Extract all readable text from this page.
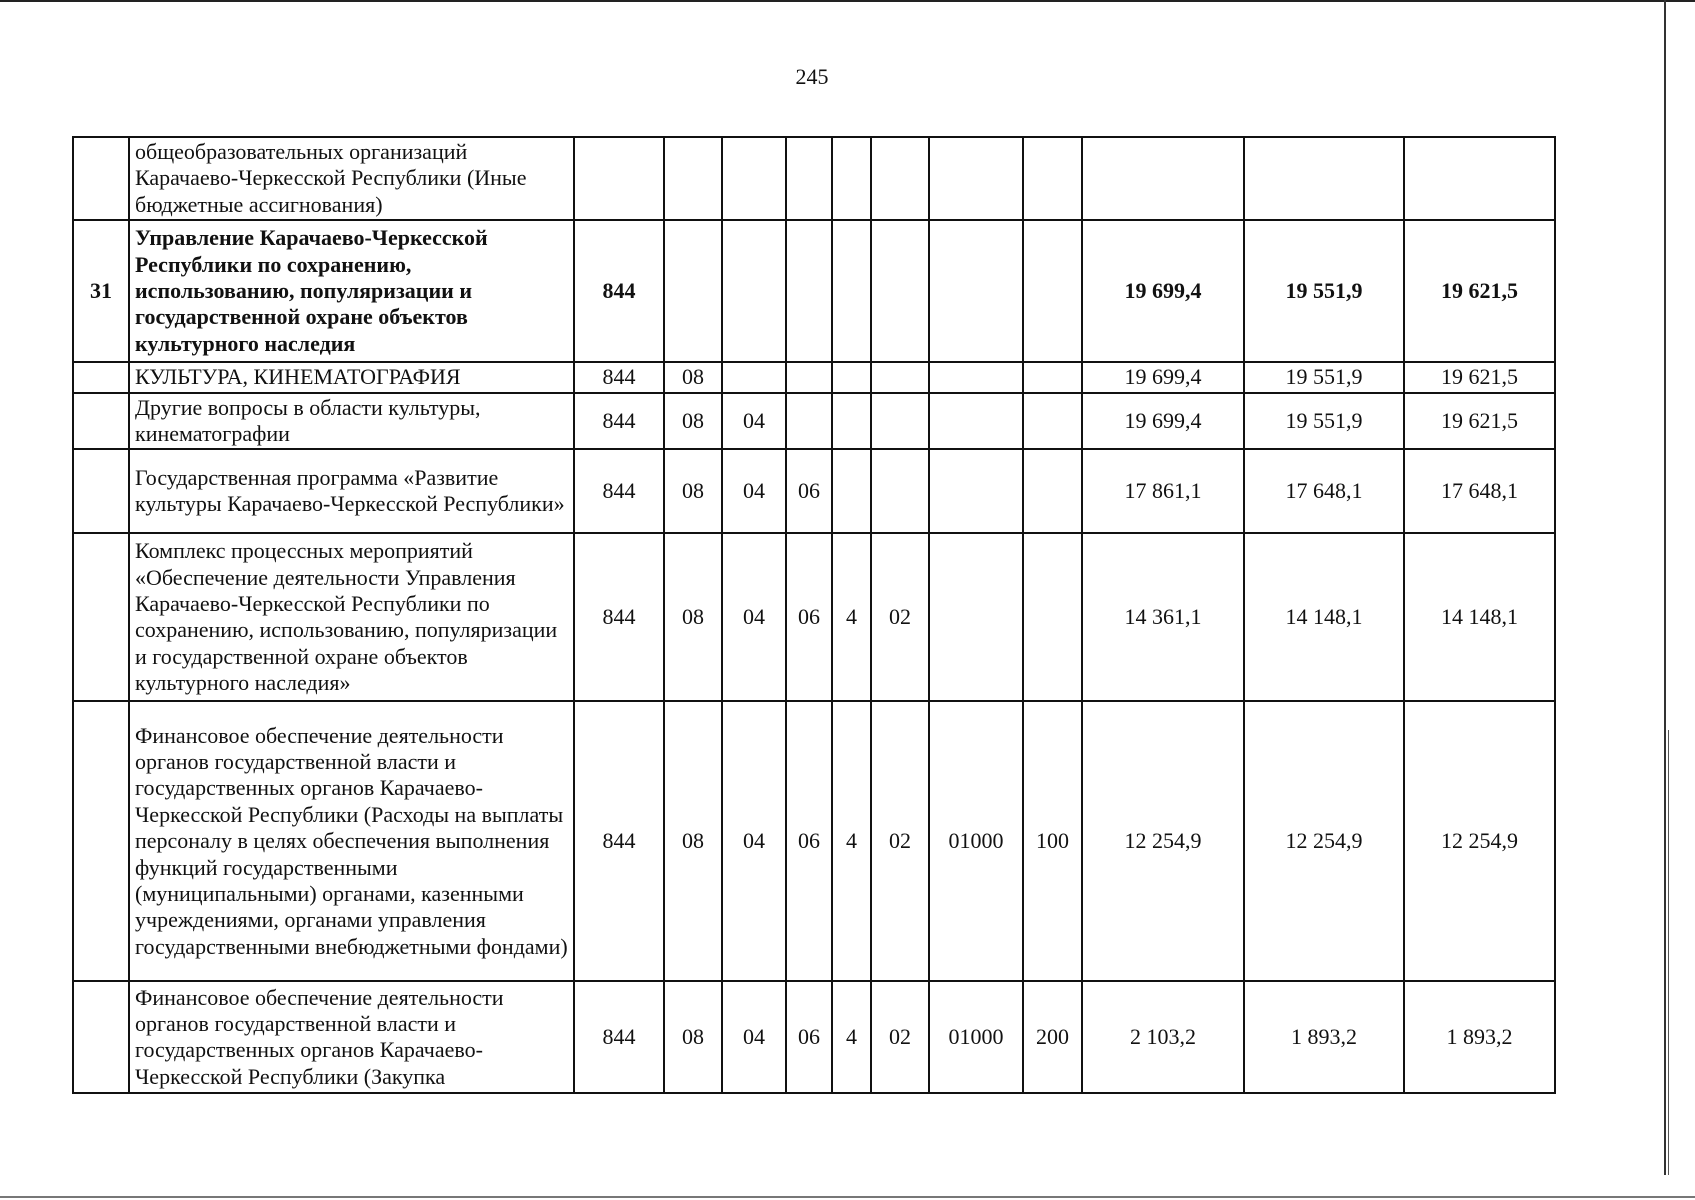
245
	общеобразовательных организаций Карачаево-Черкесской Республики (Иные бюджетные ассигнования)											
31	Управление Карачаево-Черкесской Республики по сохранению, использованию, популяризации и государственной охране объектов культурного наследия	844								19 699,4	19 551,9	19 621,5
	КУЛЬТУРА, КИНЕМАТОГРАФИЯ	844	08							19 699,4	19 551,9	19 621,5
	Другие вопросы в области культуры, кинематографии	844	08	04						19 699,4	19 551,9	19 621,5
	Государственная программа «Развитие культуры Карачаево-Черкесской Республики»	844	08	04	06					17 861,1	17 648,1	17 648,1
	Комплекс процессных мероприятий «Обеспечение деятельности Управления Карачаево-Черкесской Республики по сохранению, использованию, популяризации и государственной охране объектов культурного наследия»	844	08	04	06	4	02			14 361,1	14 148,1	14 148,1
	Финансовое обеспечение деятельности органов государственной власти и государственных органов Карачаево-Черкесской Республики (Расходы на выплаты персоналу в целях обеспечения выполнения функций государственными (муниципальными) органами, казенными учреждениями, органами управления государственными внебюджетными фондами)	844	08	04	06	4	02	01000	100	12 254,9	12 254,9	12 254,9
	Финансовое обеспечение деятельности органов государственной власти и государственных органов Карачаево-Черкесской Республики (Закупка	844	08	04	06	4	02	01000	200	2 103,2	1 893,2	1 893,2
